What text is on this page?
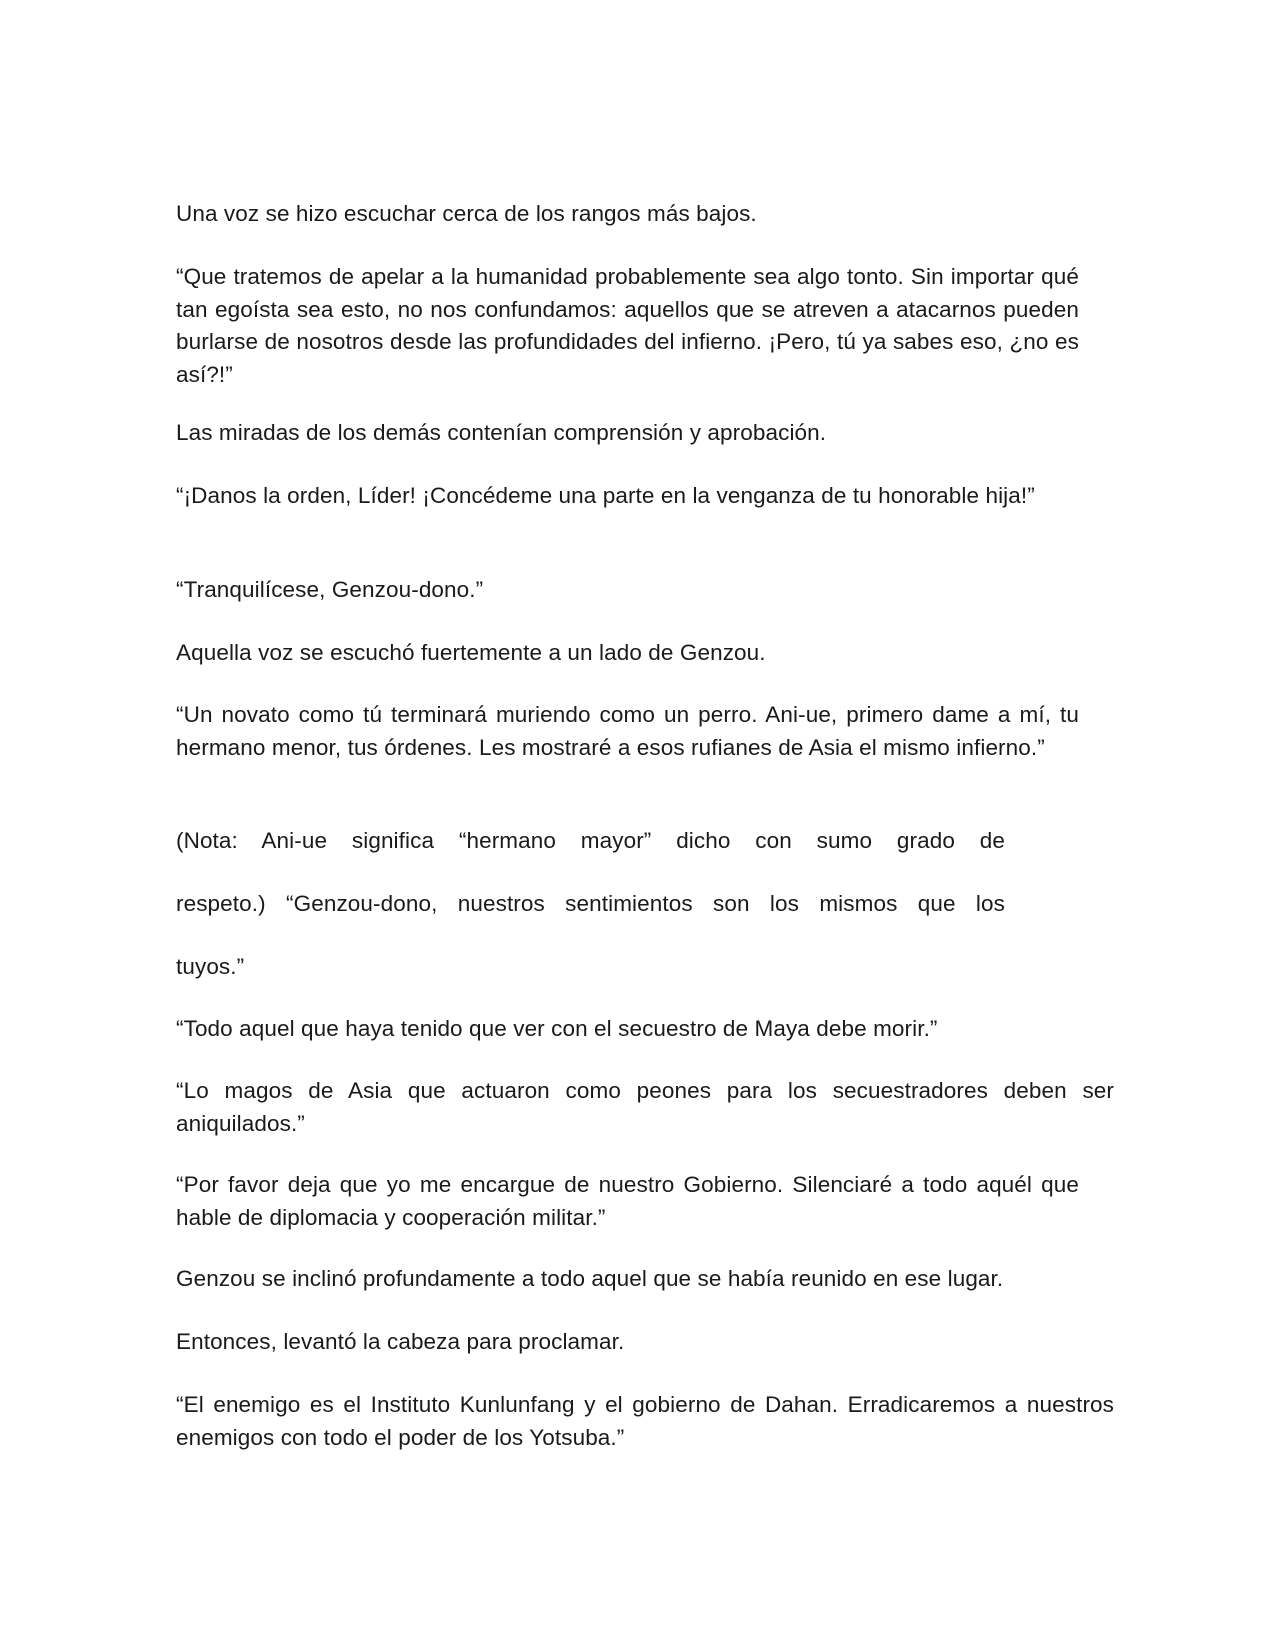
Una voz se hizo escuchar cerca de los rangos más bajos.

“Que tratemos de apelar a la humanidad probablemente sea algo tonto. Sin importar qué tan egoísta sea esto, no nos confundamos: aquellos que se atreven a atacarnos pueden burlarse de nosotros desde las profundidades del infierno. ¡Pero, tú ya sabes eso, ¿no es así?!”

Las miradas de los demás contenían comprensión y aprobación.

“¡Danos la orden, Líder! ¡Concédeme una parte en la venganza de tu honorable hija!”

“Tranquilícese, Genzou-dono.”

Aquella voz se escuchó fuertemente a un lado de Genzou.

“Un novato como tú terminará muriendo como un perro. Ani-ue, primero dame a mí, tu hermano menor, tus órdenes. Les mostraré a esos rufianes de Asia el mismo infierno.”

(Nota: Ani-ue significa “hermano mayor” dicho con sumo grado de

respeto.) “Genzou-dono, nuestros sentimientos son los mismos que los

tuyos.”

“Todo aquel que haya tenido que ver con el secuestro de Maya debe morir.”

“Lo magos de Asia que actuaron como peones para los secuestradores deben ser aniquilados.”

“Por favor deja que yo me encargue de nuestro Gobierno. Silenciaré a todo aquél que hable de diplomacia y cooperación militar.”

Genzou se inclinó profundamente a todo aquel que se había reunido en ese lugar.

Entonces, levantó la cabeza para proclamar.

“El enemigo es el Instituto Kunlunfang y el gobierno de Dahan. Erradicaremos a nuestros enemigos con todo el poder de los Yotsuba.”
